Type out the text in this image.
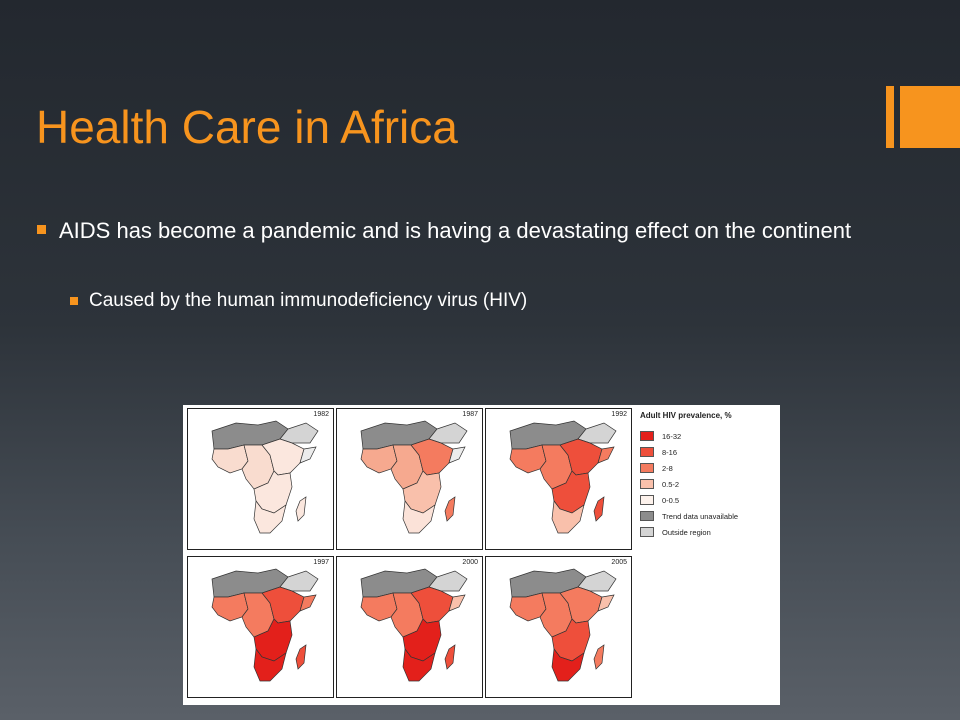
Health Care in Africa
AIDS has become a pandemic and is having a devastating effect on the continent
Caused by the human immunodeficiency virus (HIV)
1982	1987	1992
1997	2000	2005
Adult HIV prevalence, %
16-32
8-16
2-8
0.5-2
0-0.5
Trend data unavailable
Outside region
